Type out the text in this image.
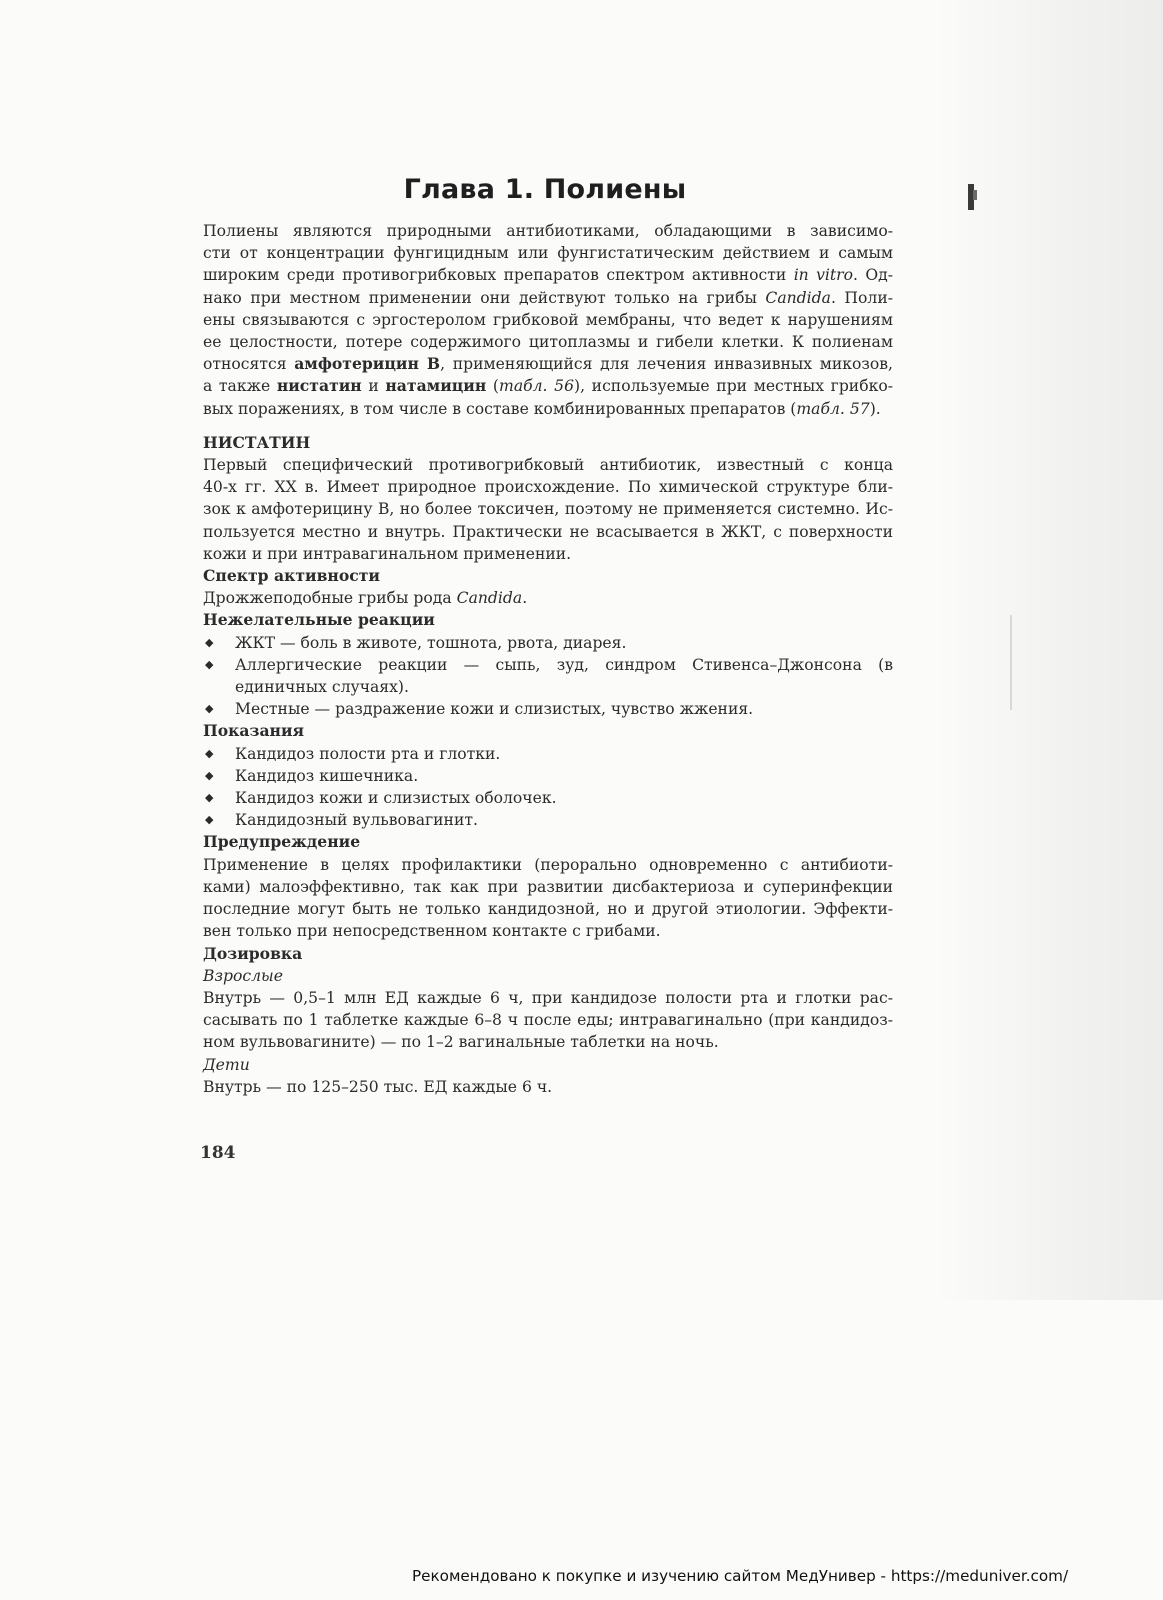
Глава 1. Полиены

Полиены являются природными антибиотиками, обладающими в зависимо-
сти от концентрации фунгицидным или фунгистатическим действием и самым
широким среди противогрибковых препаратов спектром активности in vitro. Од-
нако при местном применении они действуют только на грибы Candida. Поли-
ены связываются с эргостеролом грибковой мембраны, что ведет к нарушениям
ее целостности, потере содержимого цитоплазмы и гибели клетки. К полиенам
относятся амфотерицин В, применяющийся для лечения инвазивных микозов,
а также нистатин и натамицин (табл. 56), используемые при местных грибко-
вых поражениях, в том числе в составе комбинированных препаратов (табл. 57).

НИСТАТИН

Первый специфический противогрибковый антибиотик, известный с конца
40-х гг. XX в. Имеет природное происхождение. По химической структуре бли-
зок к амфотерицину В, но более токсичен, поэтому не применяется системно. Ис-
пользуется местно и внутрь. Практически не всасывается в ЖКТ, с поверхности
кожи и при интравагинальном применении.

Спектр активности

Дрожжеподобные грибы рода Candida.

Нежелательные реакции
◆ ЖКТ — боль в животе, тошнота, рвота, диарея.
◆ Аллергические реакции — сыпь, зуд, синдром Стивенса–Джонсона (в единичных случаях).
◆ Местные — раздражение кожи и слизистых, чувство жжения.
Показания
◆ Кандидоз полости рта и глотки.
◆ Кандидоз кишечника.
◆ Кандидоз кожи и слизистых оболочек.
◆ Кандидозный вульвовагинит.
Предупреждение

Применение в целях профилактики (перорально одновременно с антибиоти-
ками) малоэффективно, так как при развитии дисбактериоза и суперинфекции
последние могут быть не только кандидозной, но и другой этиологии. Эффекти-
вен только при непосредственном контакте с грибами.

Дозировка
Взрослые

Внутрь — 0,5–1 млн ЕД каждые 6 ч, при кандидозе полости рта и глотки рас-
сасывать по 1 таблетке каждые 6–8 ч после еды; интравагинально (при кандидоз-
ном вульвовагините) — по 1–2 вагинальные таблетки на ночь.

Дети

Внутрь — по 125–250 тыс. ЕД каждые 6 ч.

184
Рекомендовано к покупке и изучению сайтом МедУнивер - https://meduniver.com/
